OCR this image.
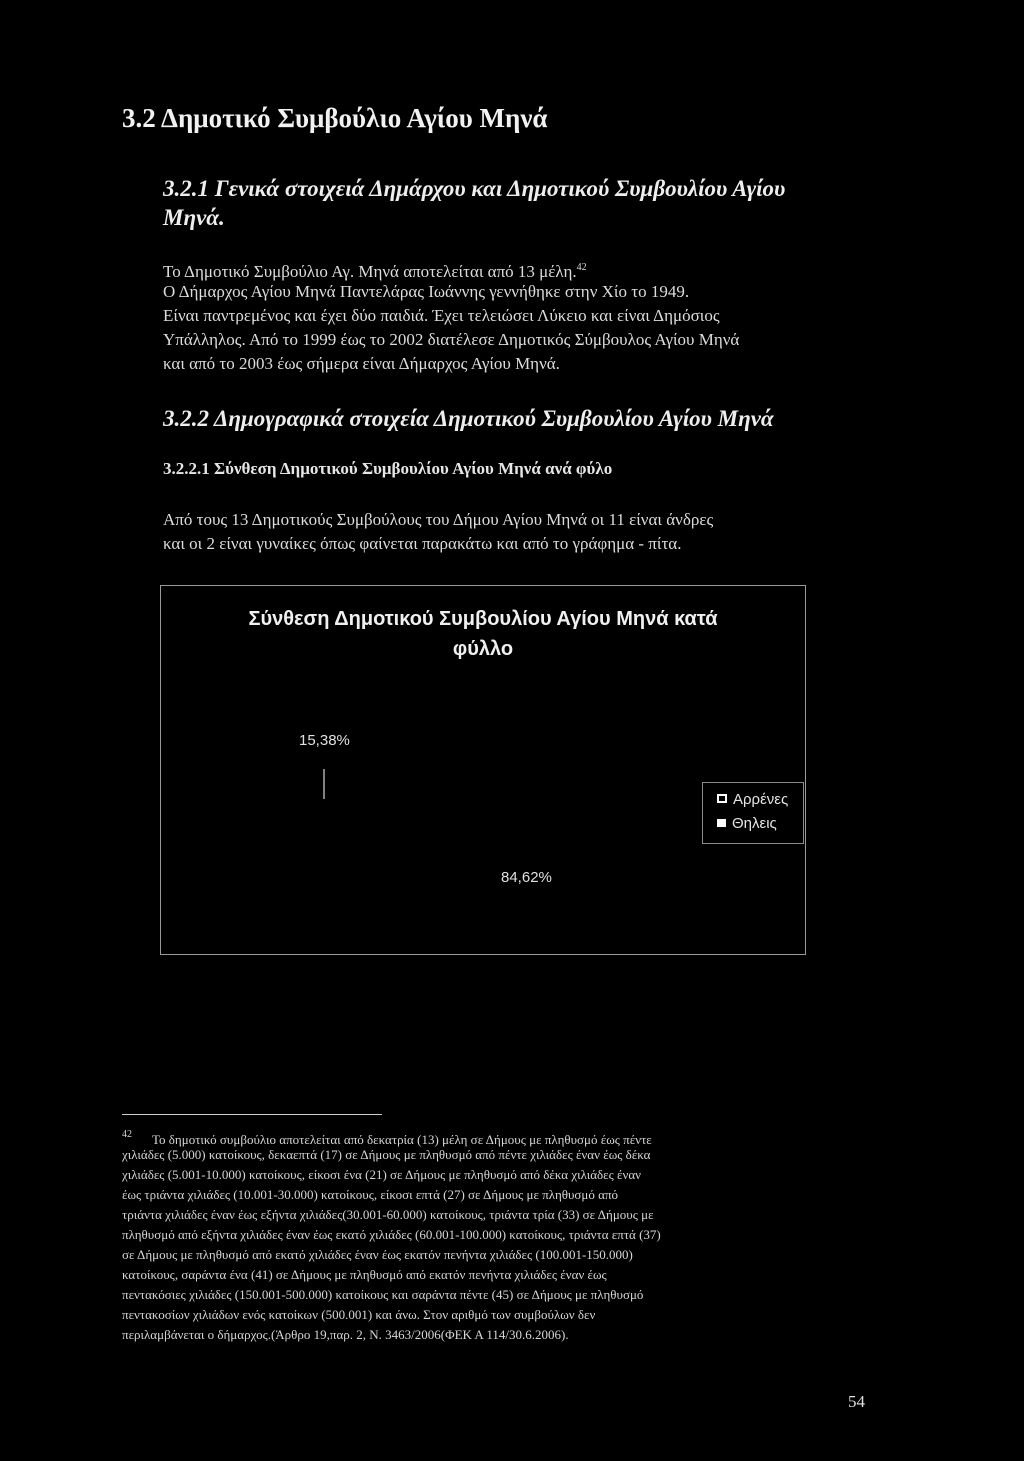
3.2 Δημοτικό Συμβούλιο Αγίου Μηνά
3.2.1 Γενικά στοιχειά Δημάρχου και Δημοτικού Συμβουλίου Αγίου
Μηνά.
Το Δημοτικό Συμβούλιο Αγ. Μηνά αποτελείται από 13 μέλη.$^{42}$
Ο Δήμαρχος Αγίου Μηνά Παντελάρας Ιωάννης γεννήθηκε στην Χίο το 1949.
Είναι παντρεμένος και έχει δύο παιδιά. Έχει τελειώσει Λύκειο και είναι Δημόσιος
Υπάλληλος. Από το 1999 έως το 2002 διατέλεσε Δημοτικός Σύμβουλος Αγίου Μηνά
και από το 2003 έως σήμερα είναι Δήμαρχος Αγίου Μηνά.
3.2.2 Δημογραφικά στοιχεία Δημοτικού Συμβουλίου Αγίου Μηνά
3.2.2.1 Σύνθεση Δημοτικού Συμβουλίου Αγίου Μηνά ανά φύλο
Από τους 13 Δημοτικούς Συμβούλους του Δήμου Αγίου Μηνά οι 11 είναι άνδρες
και οι 2 είναι γυναίκες όπως φαίνεται παρακάτω και από το γράφημα - πίτα.
Σύνθεση Δημοτικού Συμβουλίου Αγίου Μηνά κατά
φύλλο
15,38%
84,62%
Αρρένες
Θηλεις
$^{42}$ Το δημοτικό συμβούλιο αποτελείται από δεκατρία (13) μέλη σε Δήμους με πληθυσμό έως πέντε
χιλιάδες (5.000) κατοίκους, δεκαεπτά (17) σε Δήμους με πληθυσμό από πέντε χιλιάδες έναν έως δέκα
χιλιάδες (5.001-10.000) κατοίκους, είκοσι ένα (21) σε Δήμους με πληθυσμό από δέκα χιλιάδες έναν
έως τριάντα χιλιάδες (10.001-30.000) κατοίκους, είκοσι επτά (27) σε Δήμους με πληθυσμό από
τριάντα χιλιάδες έναν έως εξήντα χιλιάδες(30.001-60.000) κατοίκους, τριάντα τρία (33) σε Δήμους με
πληθυσμό από εξήντα χιλιάδες έναν έως εκατό χιλιάδες (60.001-100.000) κατοίκους, τριάντα επτά (37)
σε Δήμους με πληθυσμό από εκατό χιλιάδες έναν έως εκατόν πενήντα χιλιάδες (100.001-150.000)
κατοίκους, σαράντα ένα (41) σε Δήμους με πληθυσμό από εκατόν πενήντα χιλιάδες έναν έως
πεντακόσιες χιλιάδες (150.001-500.000) κατοίκους και σαράντα πέντε (45) σε Δήμους με πληθυσμό
πεντακοσίων χιλιάδων ενός κατοίκων (500.001) και άνω. Στον αριθμό των συμβούλων δεν
περιλαμβάνεται ο δήμαρχος.(Άρθρο 19,παρ. 2, Ν. 3463/2006(ΦΕΚ Α 114/30.6.2006).
54
